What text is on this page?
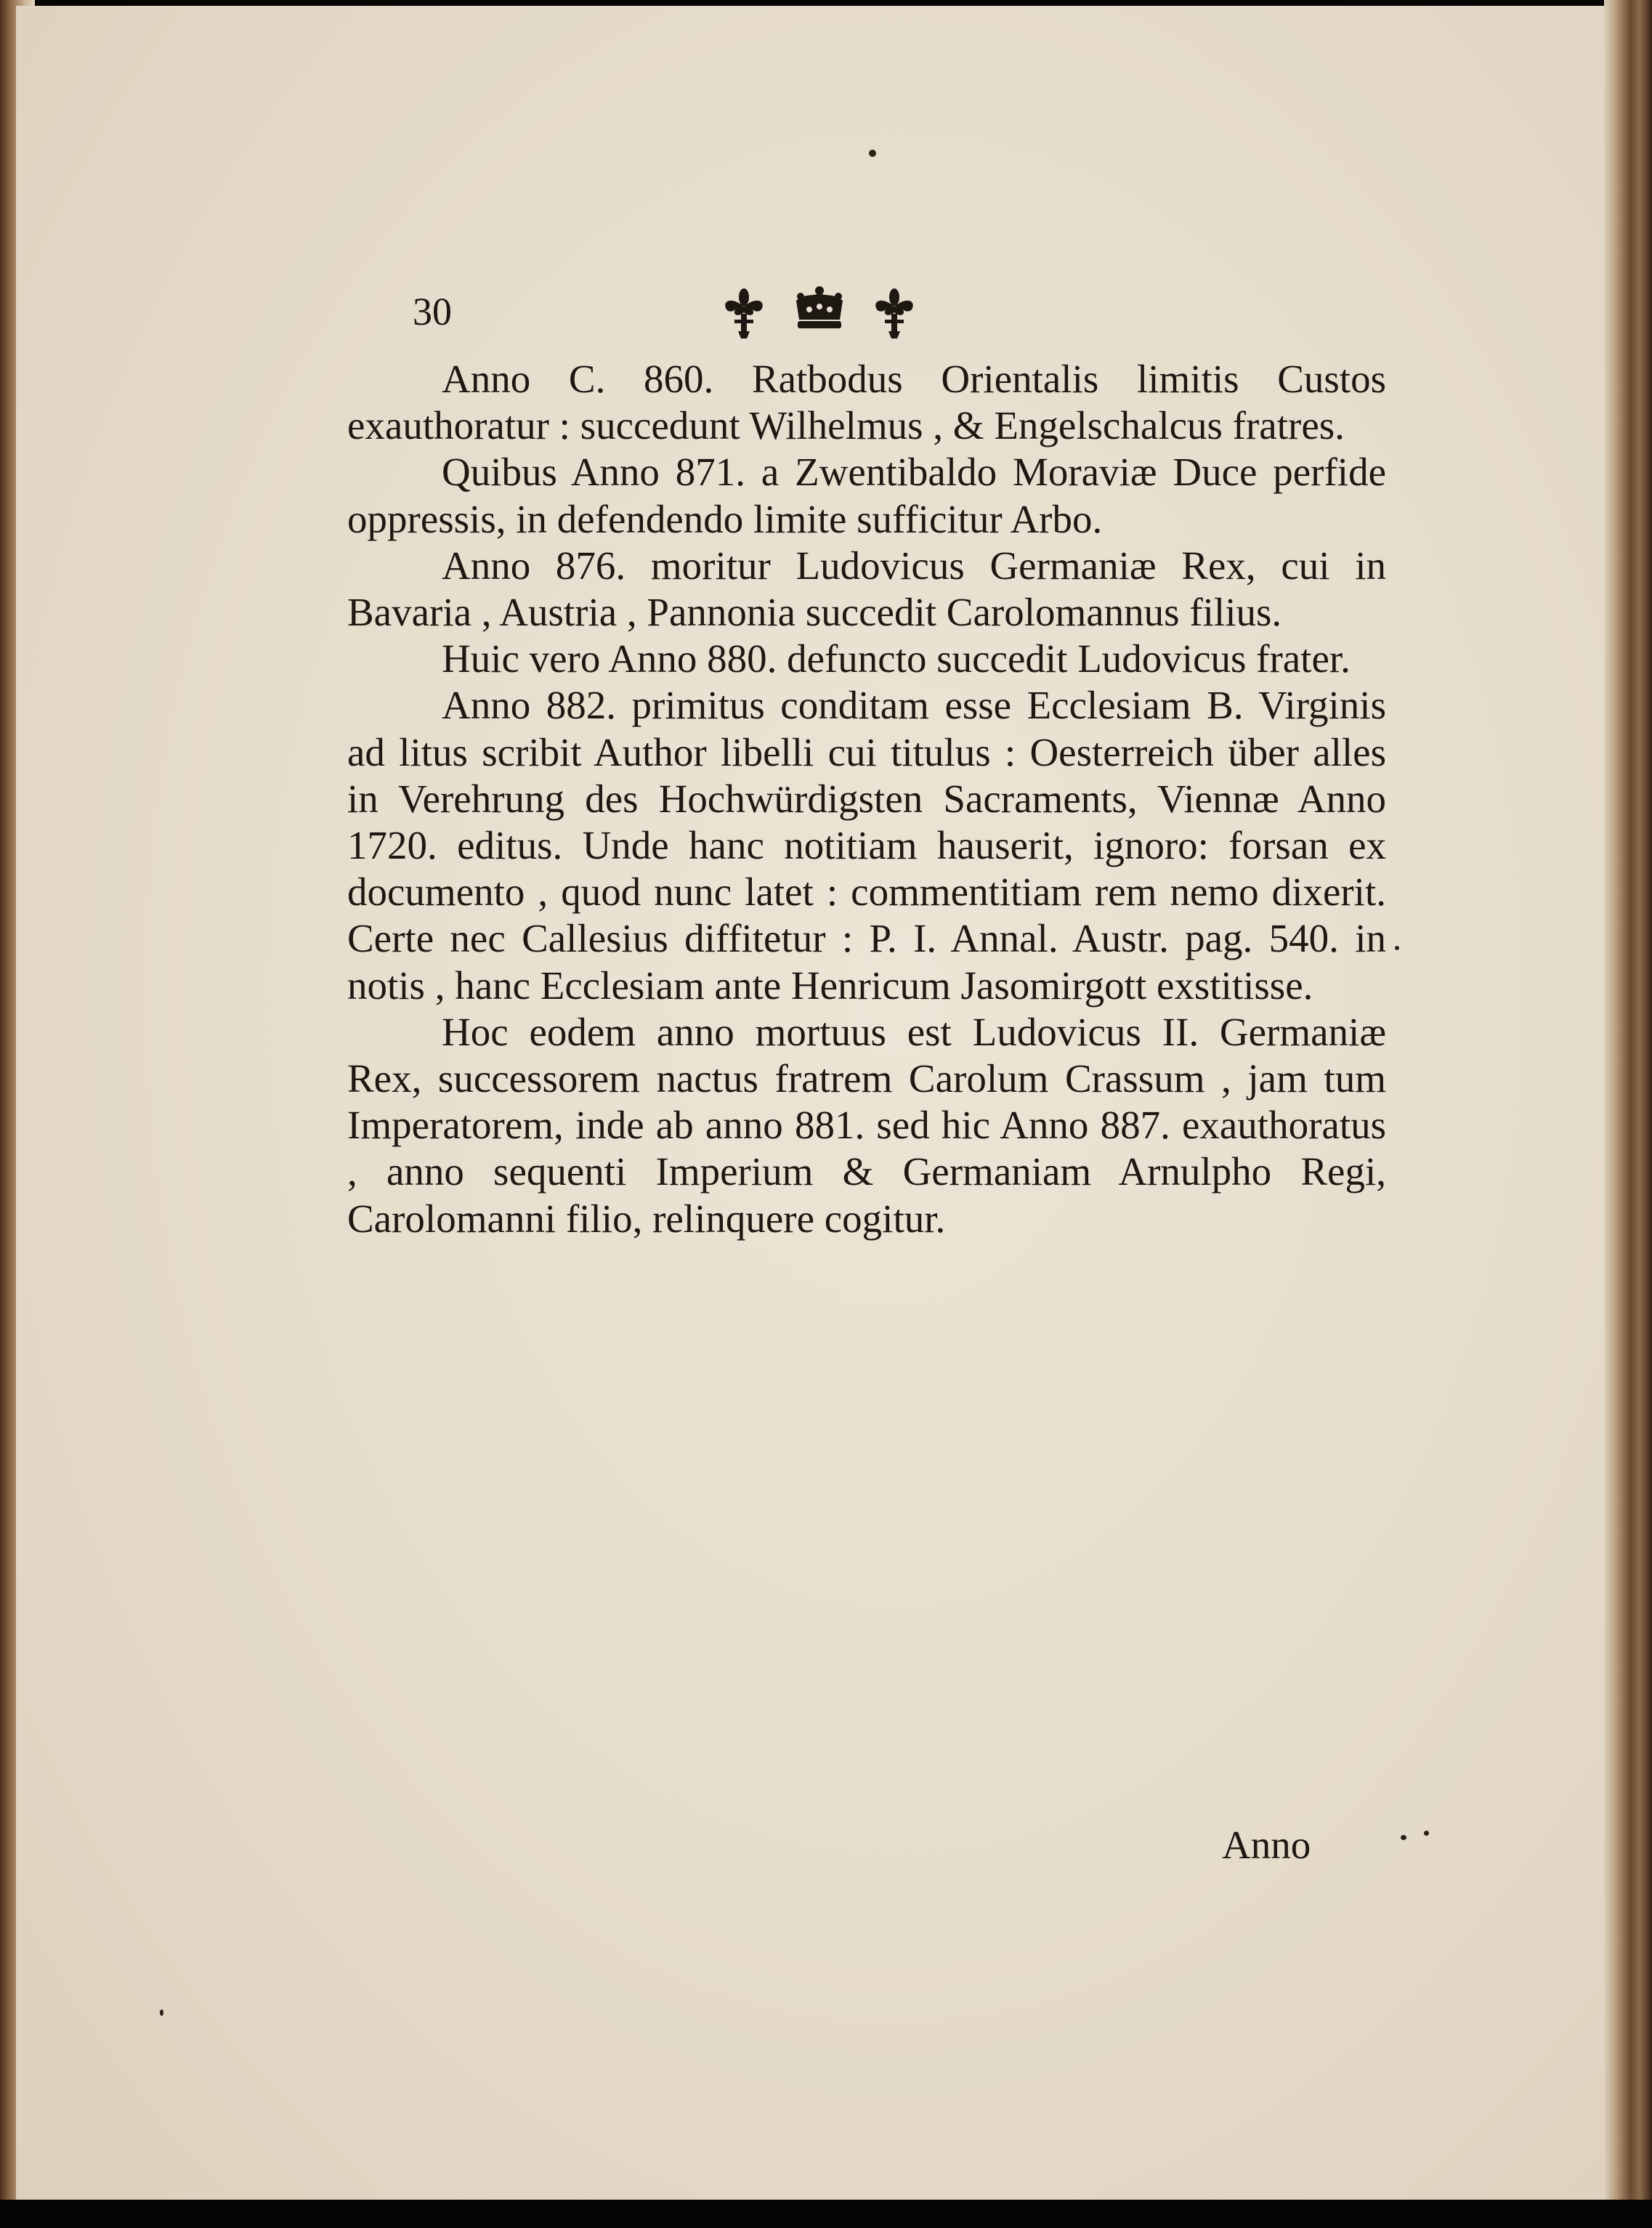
30

Anno C. 860. Ratbodus Orientalis limitis Custos exauthoratur : succedunt Wilhelmus , & Engelschalcus fratres.

Quibus Anno 871. a Zwentibaldo Moraviæ Duce perfide oppressis, in defendendo limite sufficitur Arbo.

Anno 876. moritur Ludovicus Germaniæ Rex, cui in Bavaria , Austria , Pannonia succedit Carolomannus filius.

Huic vero Anno 880. defuncto succedit Ludovicus frater.

Anno 882. primitus conditam esse Ecclesiam B. Virginis ad litus scribit Author libelli cui titulus : Oesterreich über alles in Verehrung des Hochwürdigsten Sacraments, Viennæ Anno 1720. editus. Unde hanc notitiam hauserit, ignoro: forsan ex documento , quod nunc latet : commentitiam rem nemo dixerit. Certe nec Callesius diffitetur : P. I. Annal. Austr. pag. 540. in notis , hanc Ecclesiam ante Henricum Jasomirgott exstitisse.

Hoc eodem anno mortuus est Ludovicus II. Germaniæ Rex, successorem nactus fratrem Carolum Crassum , jam tum Imperatorem, inde ab anno 881. sed hic Anno 887. exauthoratus , anno sequenti Imperium & Germaniam Arnulpho Regi, Carolomanni filio, relinquere cogitur.

Anno
